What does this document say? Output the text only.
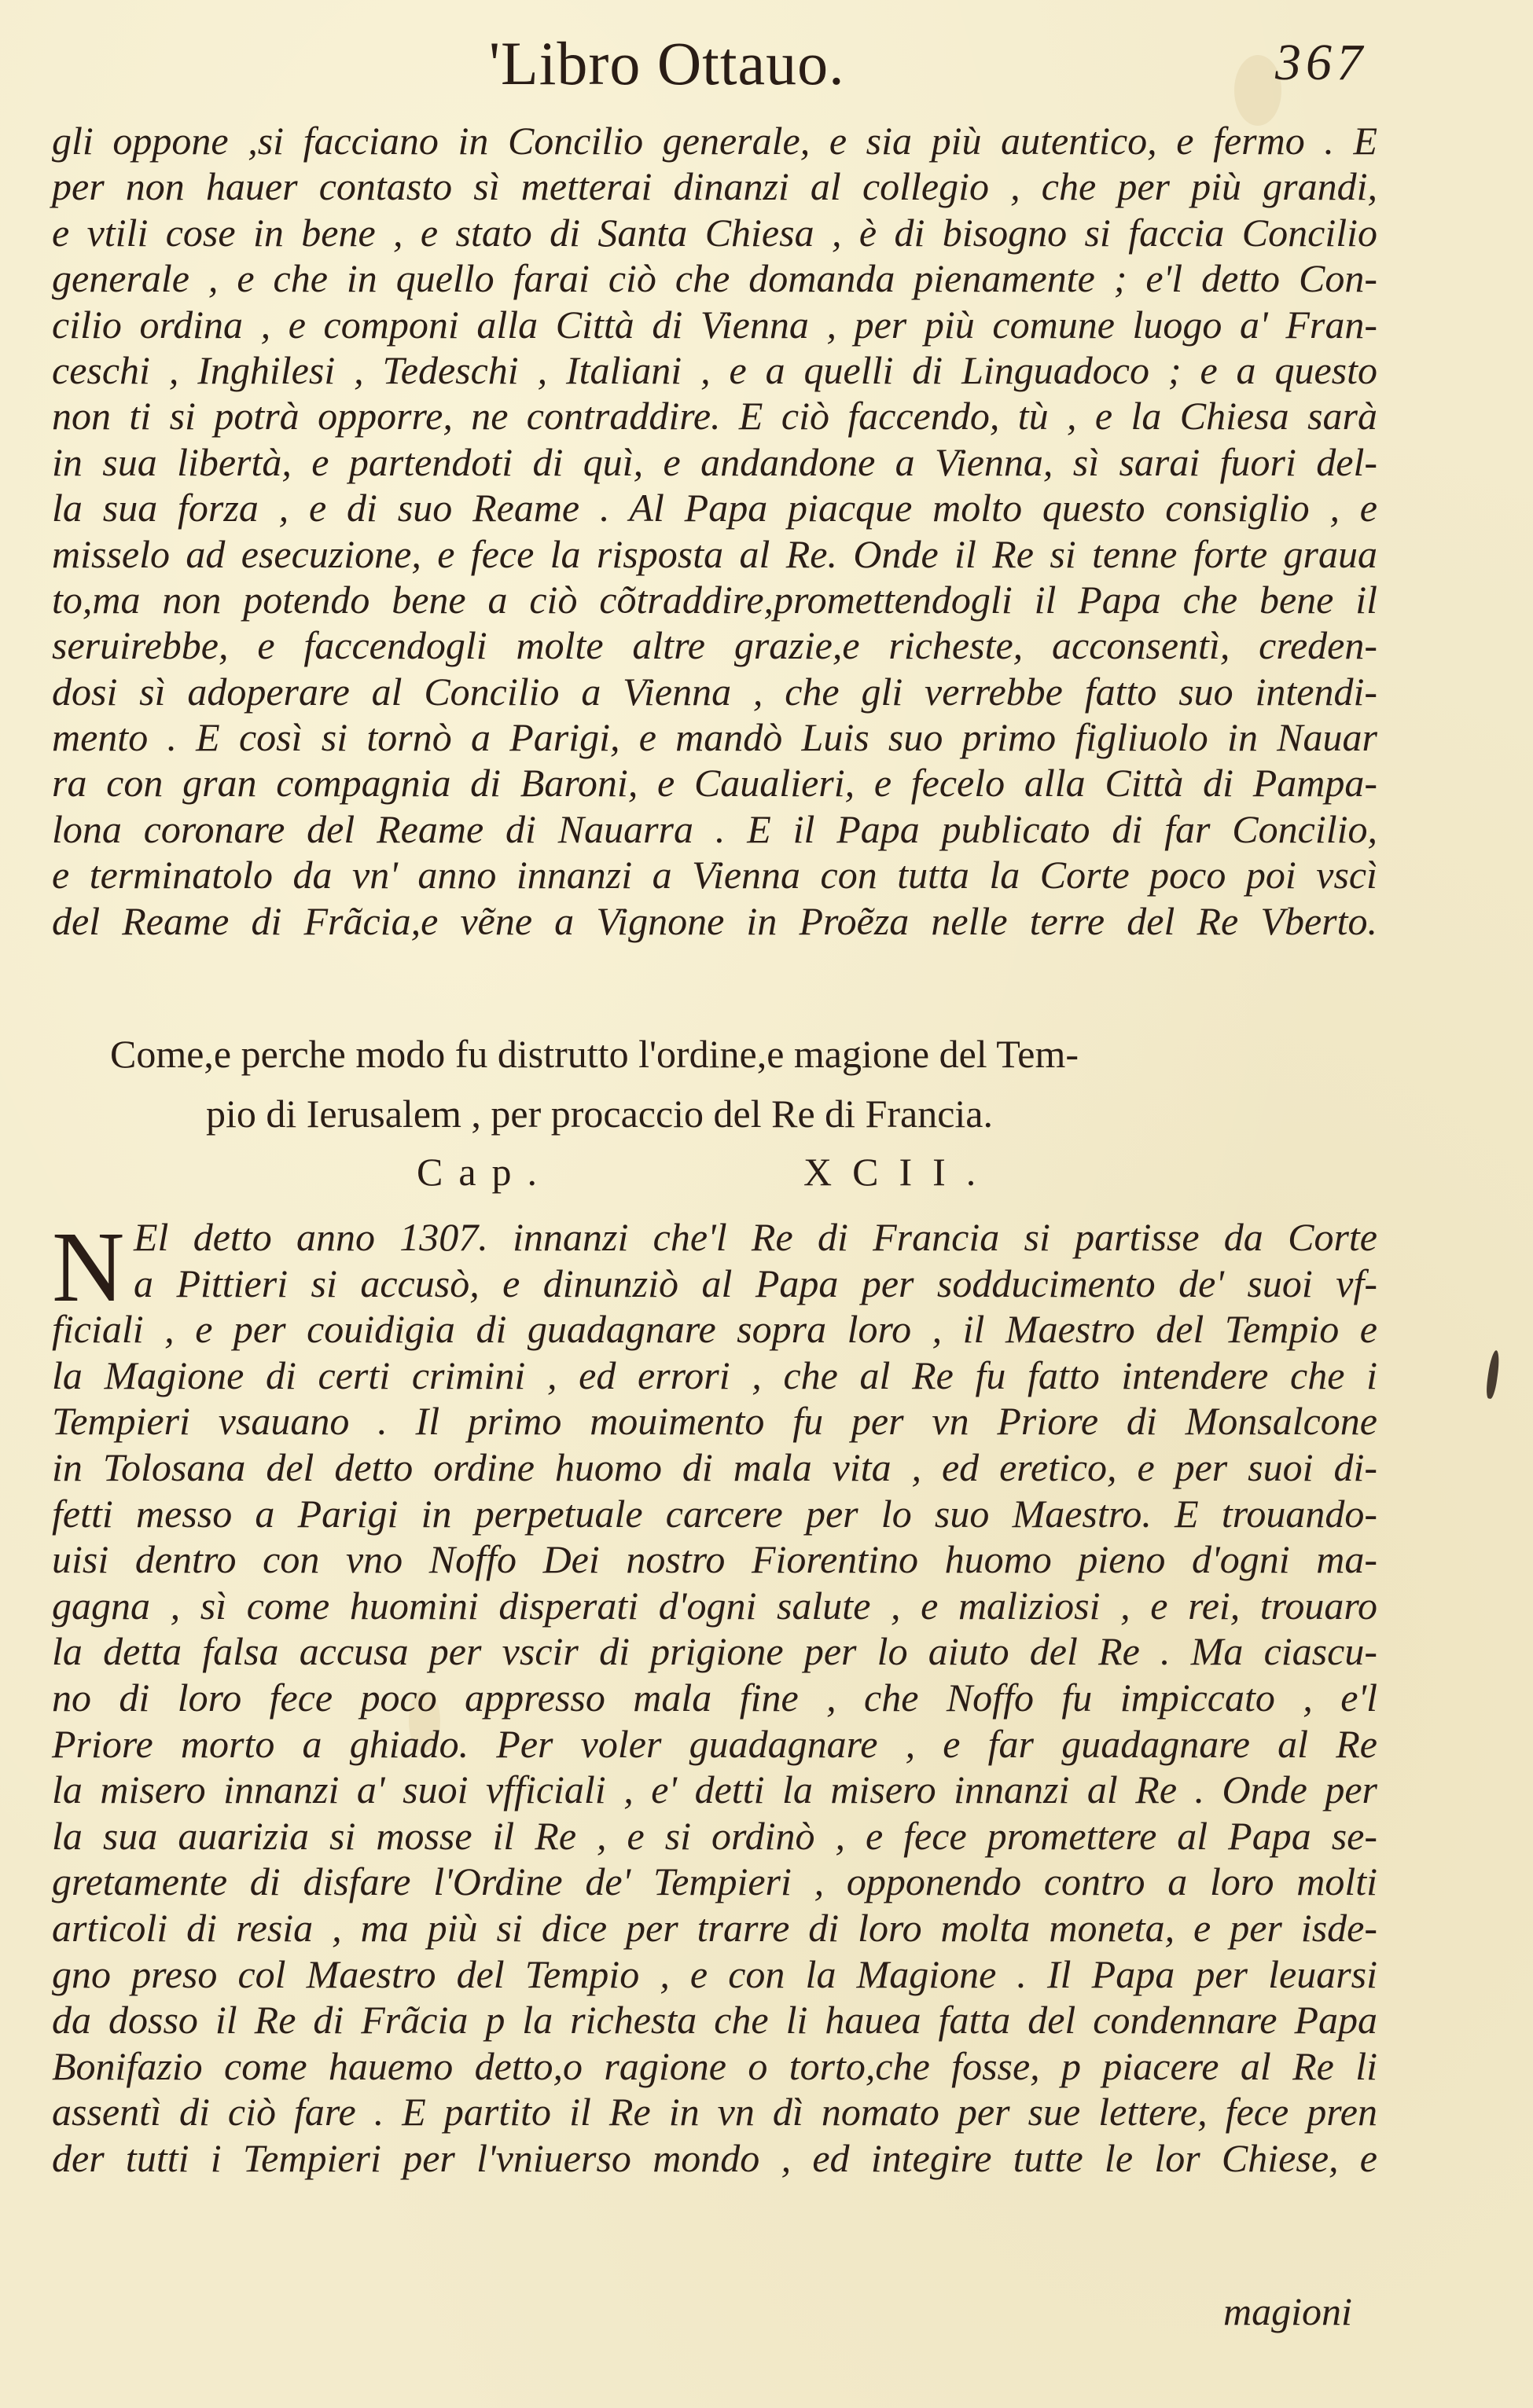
'Libro Ottauo.	367
gli oppone ,si facciano in Concilio generale, e sia più autentico, e fermo . E
per non hauer contasto sì metterai dinanzi al collegio , che per più grandi,
e vtili cose in bene , e stato di Santa Chiesa , è di bisogno si faccia Concilio
generale , e che in quello farai ciò che domanda pienamente ; e'l detto Con-
cilio ordina , e componi alla Città di Vienna , per più comune luogo a' Fran-
ceschi , Inghilesi , Tedeschi , Italiani , e a quelli di Linguadoco ; e a questo
non ti si potrà opporre, ne contraddire. E ciò faccendo, tù , e la Chiesa sarà
in sua libertà, e partendoti di quì, e andandone a Vienna, sì sarai fuori del-
la sua forza , e di suo Reame . Al Papa piacque molto questo consiglio , e
misselo ad esecuzione, e fece la risposta al Re. Onde il Re si tenne forte graua
to,ma non potendo bene a ciò cõtraddire,promettendogli il Papa che bene il
seruirebbe, e faccendogli molte altre grazie,e richeste, acconsentì, creden-
dosi sì adoperare al Concilio a Vienna , che gli verrebbe fatto suo intendi-
mento . E così si tornò a Parigi, e mandò Luis suo primo figliuolo in Nauar
ra con gran compagnia di Baroni, e Caualieri, e fecelo alla Città di Pampa-
lona coronare del Reame di Nauarra . E il Papa publicato di far Concilio,
e terminatolo da vn' anno innanzi a Vienna con tutta la Corte poco poi vscì
del Reame di Frãcia,e vẽne a Vignone in Proẽza nelle terre del Re Vberto.
Come,e perche modo fu distrutto l'ordine,e magione del Tem-
pio di Ierusalem , per procaccio del Re di Francia.
Cap.	XCII.
N El detto anno 1307. innanzi che'l Re di Francia si partisse da Corte
a Pittieri si accusò, e dinunziò al Papa per sodducimento de' suoi vf-
ficiali , e per couidigia di guadagnare sopra loro , il Maestro del Tempio e
la Magione di certi crimini , ed errori , che al Re fu fatto intendere che i
Tempieri vsauano . Il primo mouimento fu per vn Priore di Monsalcone
in Tolosana del detto ordine huomo di mala vita , ed eretico, e per suoi di-
fetti messo a Parigi in perpetuale carcere per lo suo Maestro. E trouando-
uisi dentro con vno Noffo Dei nostro Fiorentino huomo pieno d'ogni ma-
gagna , sì come huomini disperati d'ogni salute , e maliziosi , e rei, trouaro
la detta falsa accusa per vscir di prigione per lo aiuto del Re . Ma ciascu-
no di loro fece poco appresso mala fine , che Noffo fu impiccato , e'l
Priore morto a ghiado. Per voler guadagnare , e far guadagnare al Re
la misero innanzi a' suoi vfficiali , e' detti la misero innanzi al Re . Onde per
la sua auarizia si mosse il Re , e si ordinò , e fece promettere al Papa se-
gretamente di disfare l'Ordine de' Tempieri , opponendo contro a loro molti
articoli di resia , ma più si dice per trarre di loro molta moneta, e per isde-
gno preso col Maestro del Tempio , e con la Magione . Il Papa per leuarsi
da dosso il Re di Frãcia p la richesta che li hauea fatta del condennare Papa
Bonifazio come hauemo detto,o ragione o torto,che fosse, p piacere al Re li
assentì di ciò fare . E partito il Re in vn dì nomato per sue lettere, fece pren
der tutti i Tempieri per l'vniuerso mondo , ed integire tutte le lor Chiese, e
magioni
